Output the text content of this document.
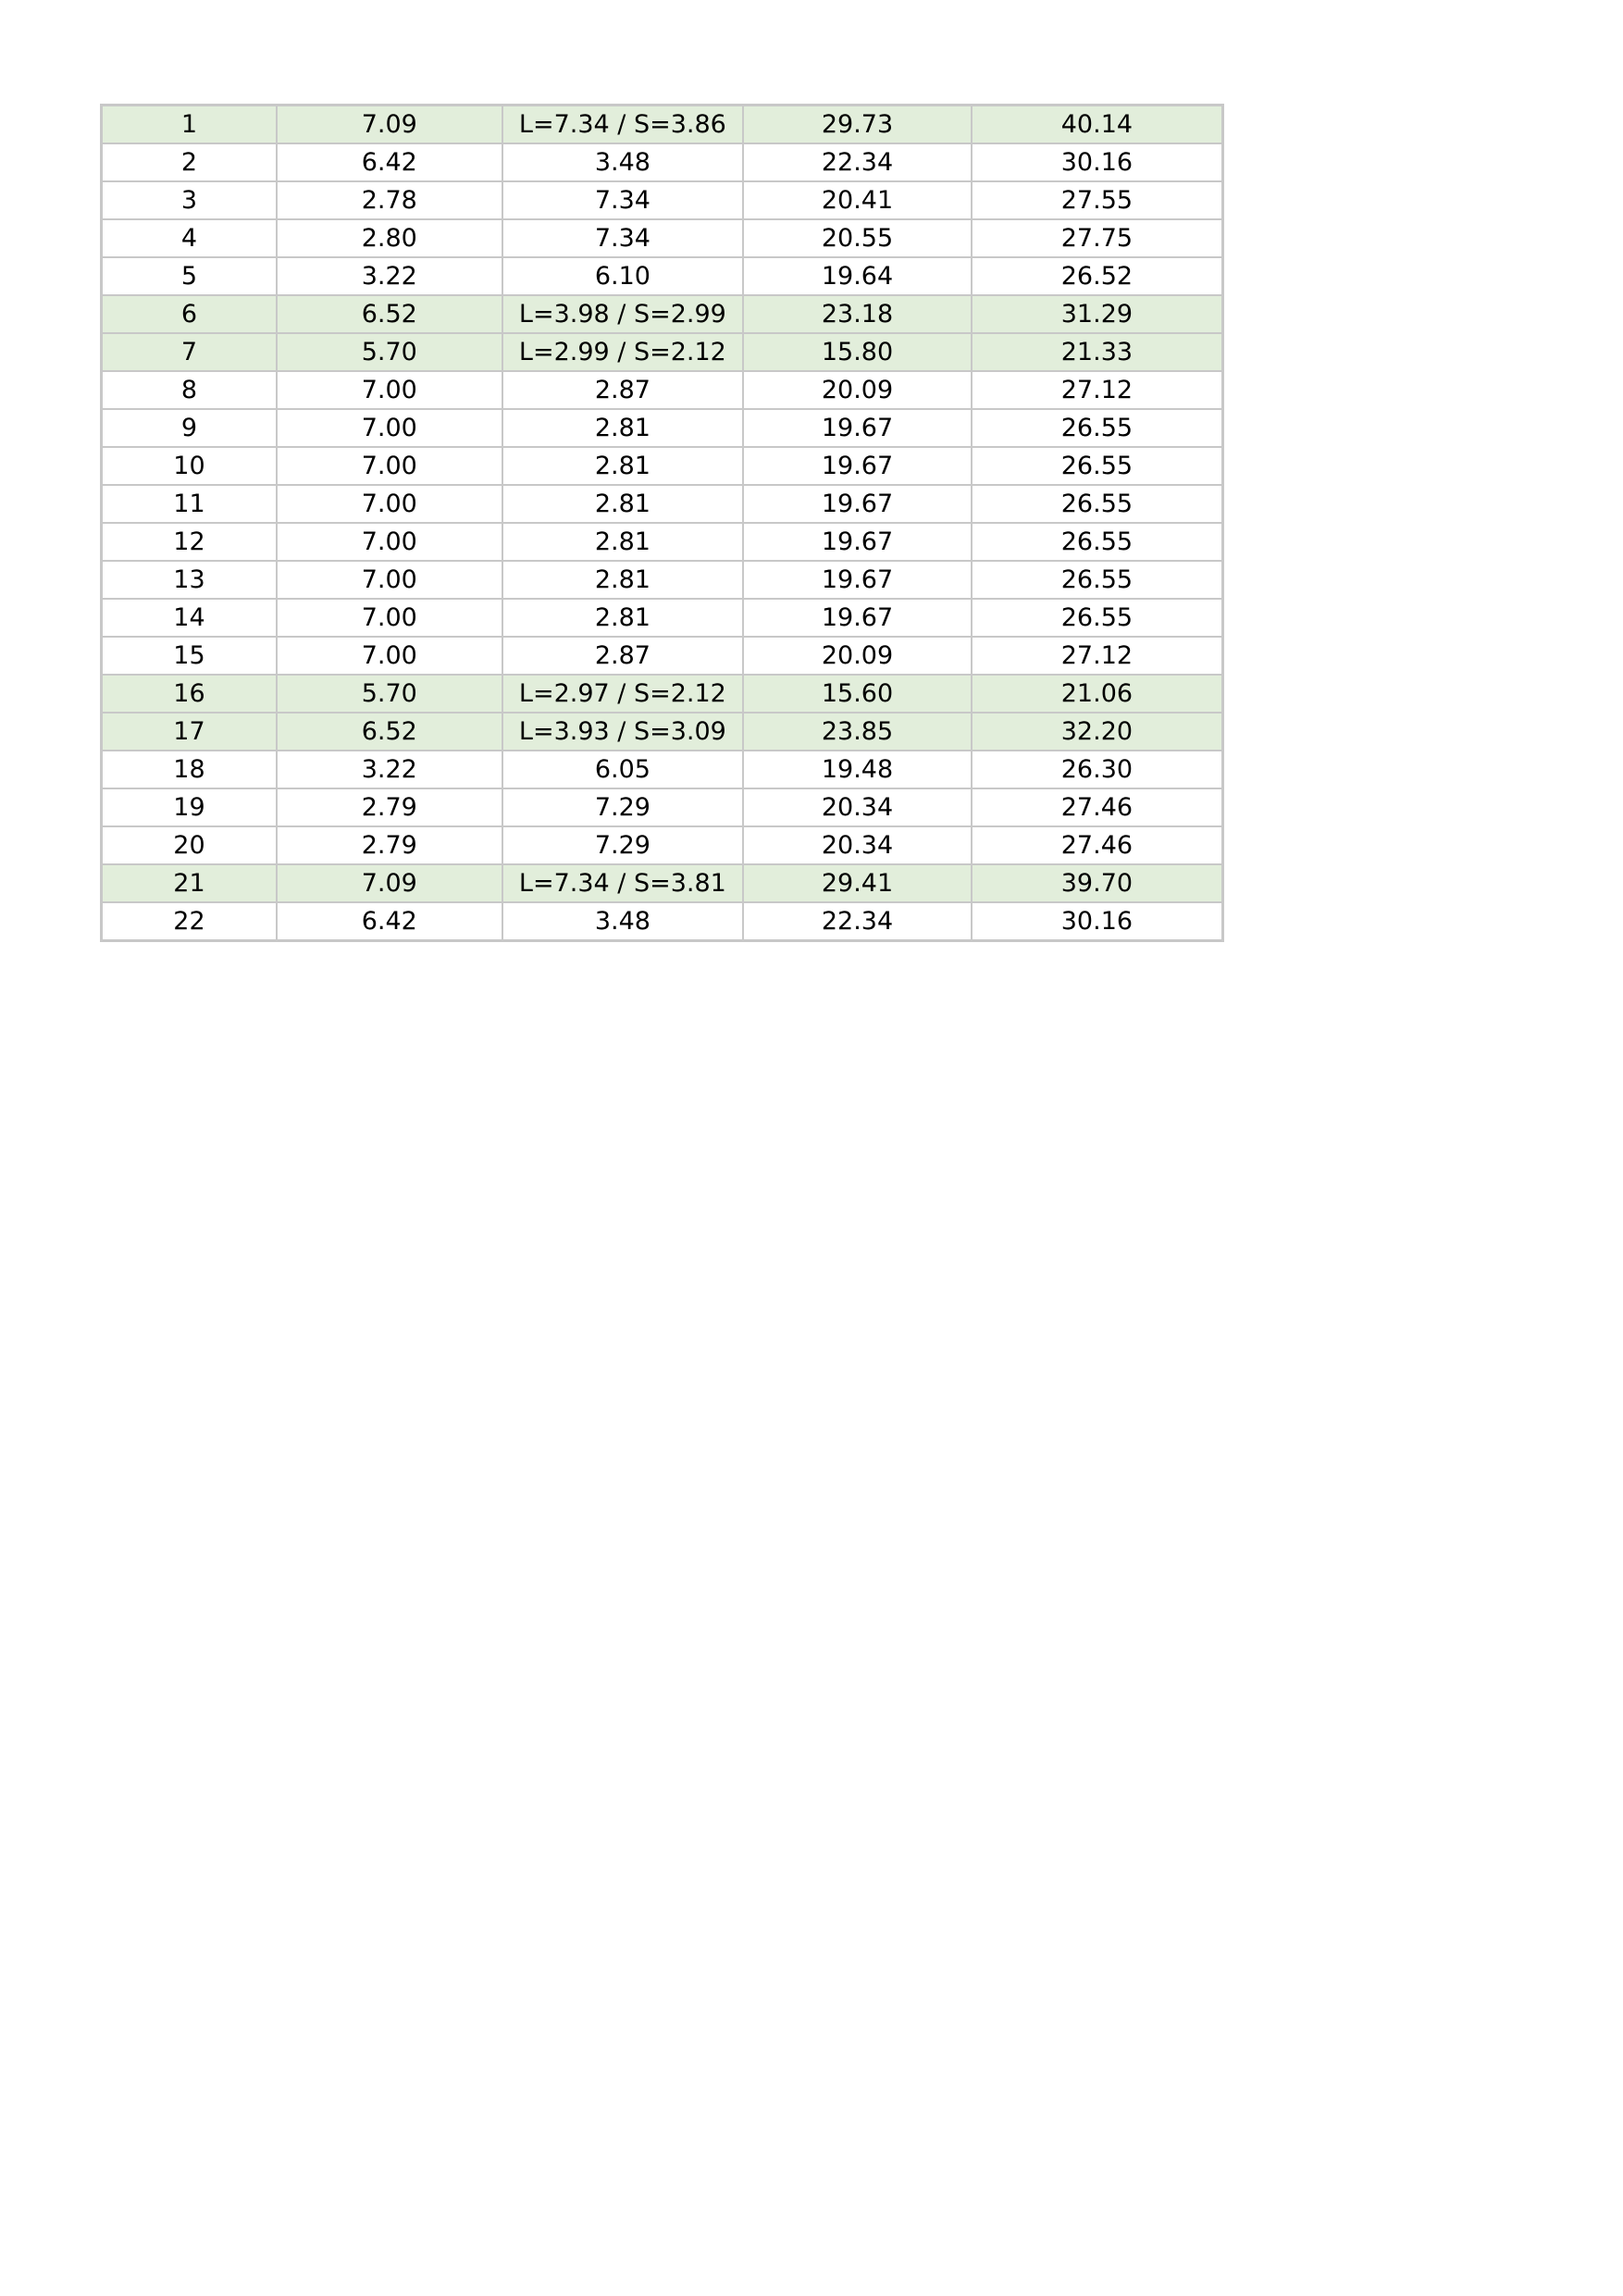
1	7.09	L=7.34 / S=3.86	29.73	40.14
2	6.42	3.48	22.34	30.16
3	2.78	7.34	20.41	27.55
4	2.80	7.34	20.55	27.75
5	3.22	6.10	19.64	26.52
6	6.52	L=3.98 / S=2.99	23.18	31.29
7	5.70	L=2.99 / S=2.12	15.80	21.33
8	7.00	2.87	20.09	27.12
9	7.00	2.81	19.67	26.55
10	7.00	2.81	19.67	26.55
11	7.00	2.81	19.67	26.55
12	7.00	2.81	19.67	26.55
13	7.00	2.81	19.67	26.55
14	7.00	2.81	19.67	26.55
15	7.00	2.87	20.09	27.12
16	5.70	L=2.97 / S=2.12	15.60	21.06
17	6.52	L=3.93 / S=3.09	23.85	32.20
18	3.22	6.05	19.48	26.30
19	2.79	7.29	20.34	27.46
20	2.79	7.29	20.34	27.46
21	7.09	L=7.34 / S=3.81	29.41	39.70
22	6.42	3.48	22.34	30.16
